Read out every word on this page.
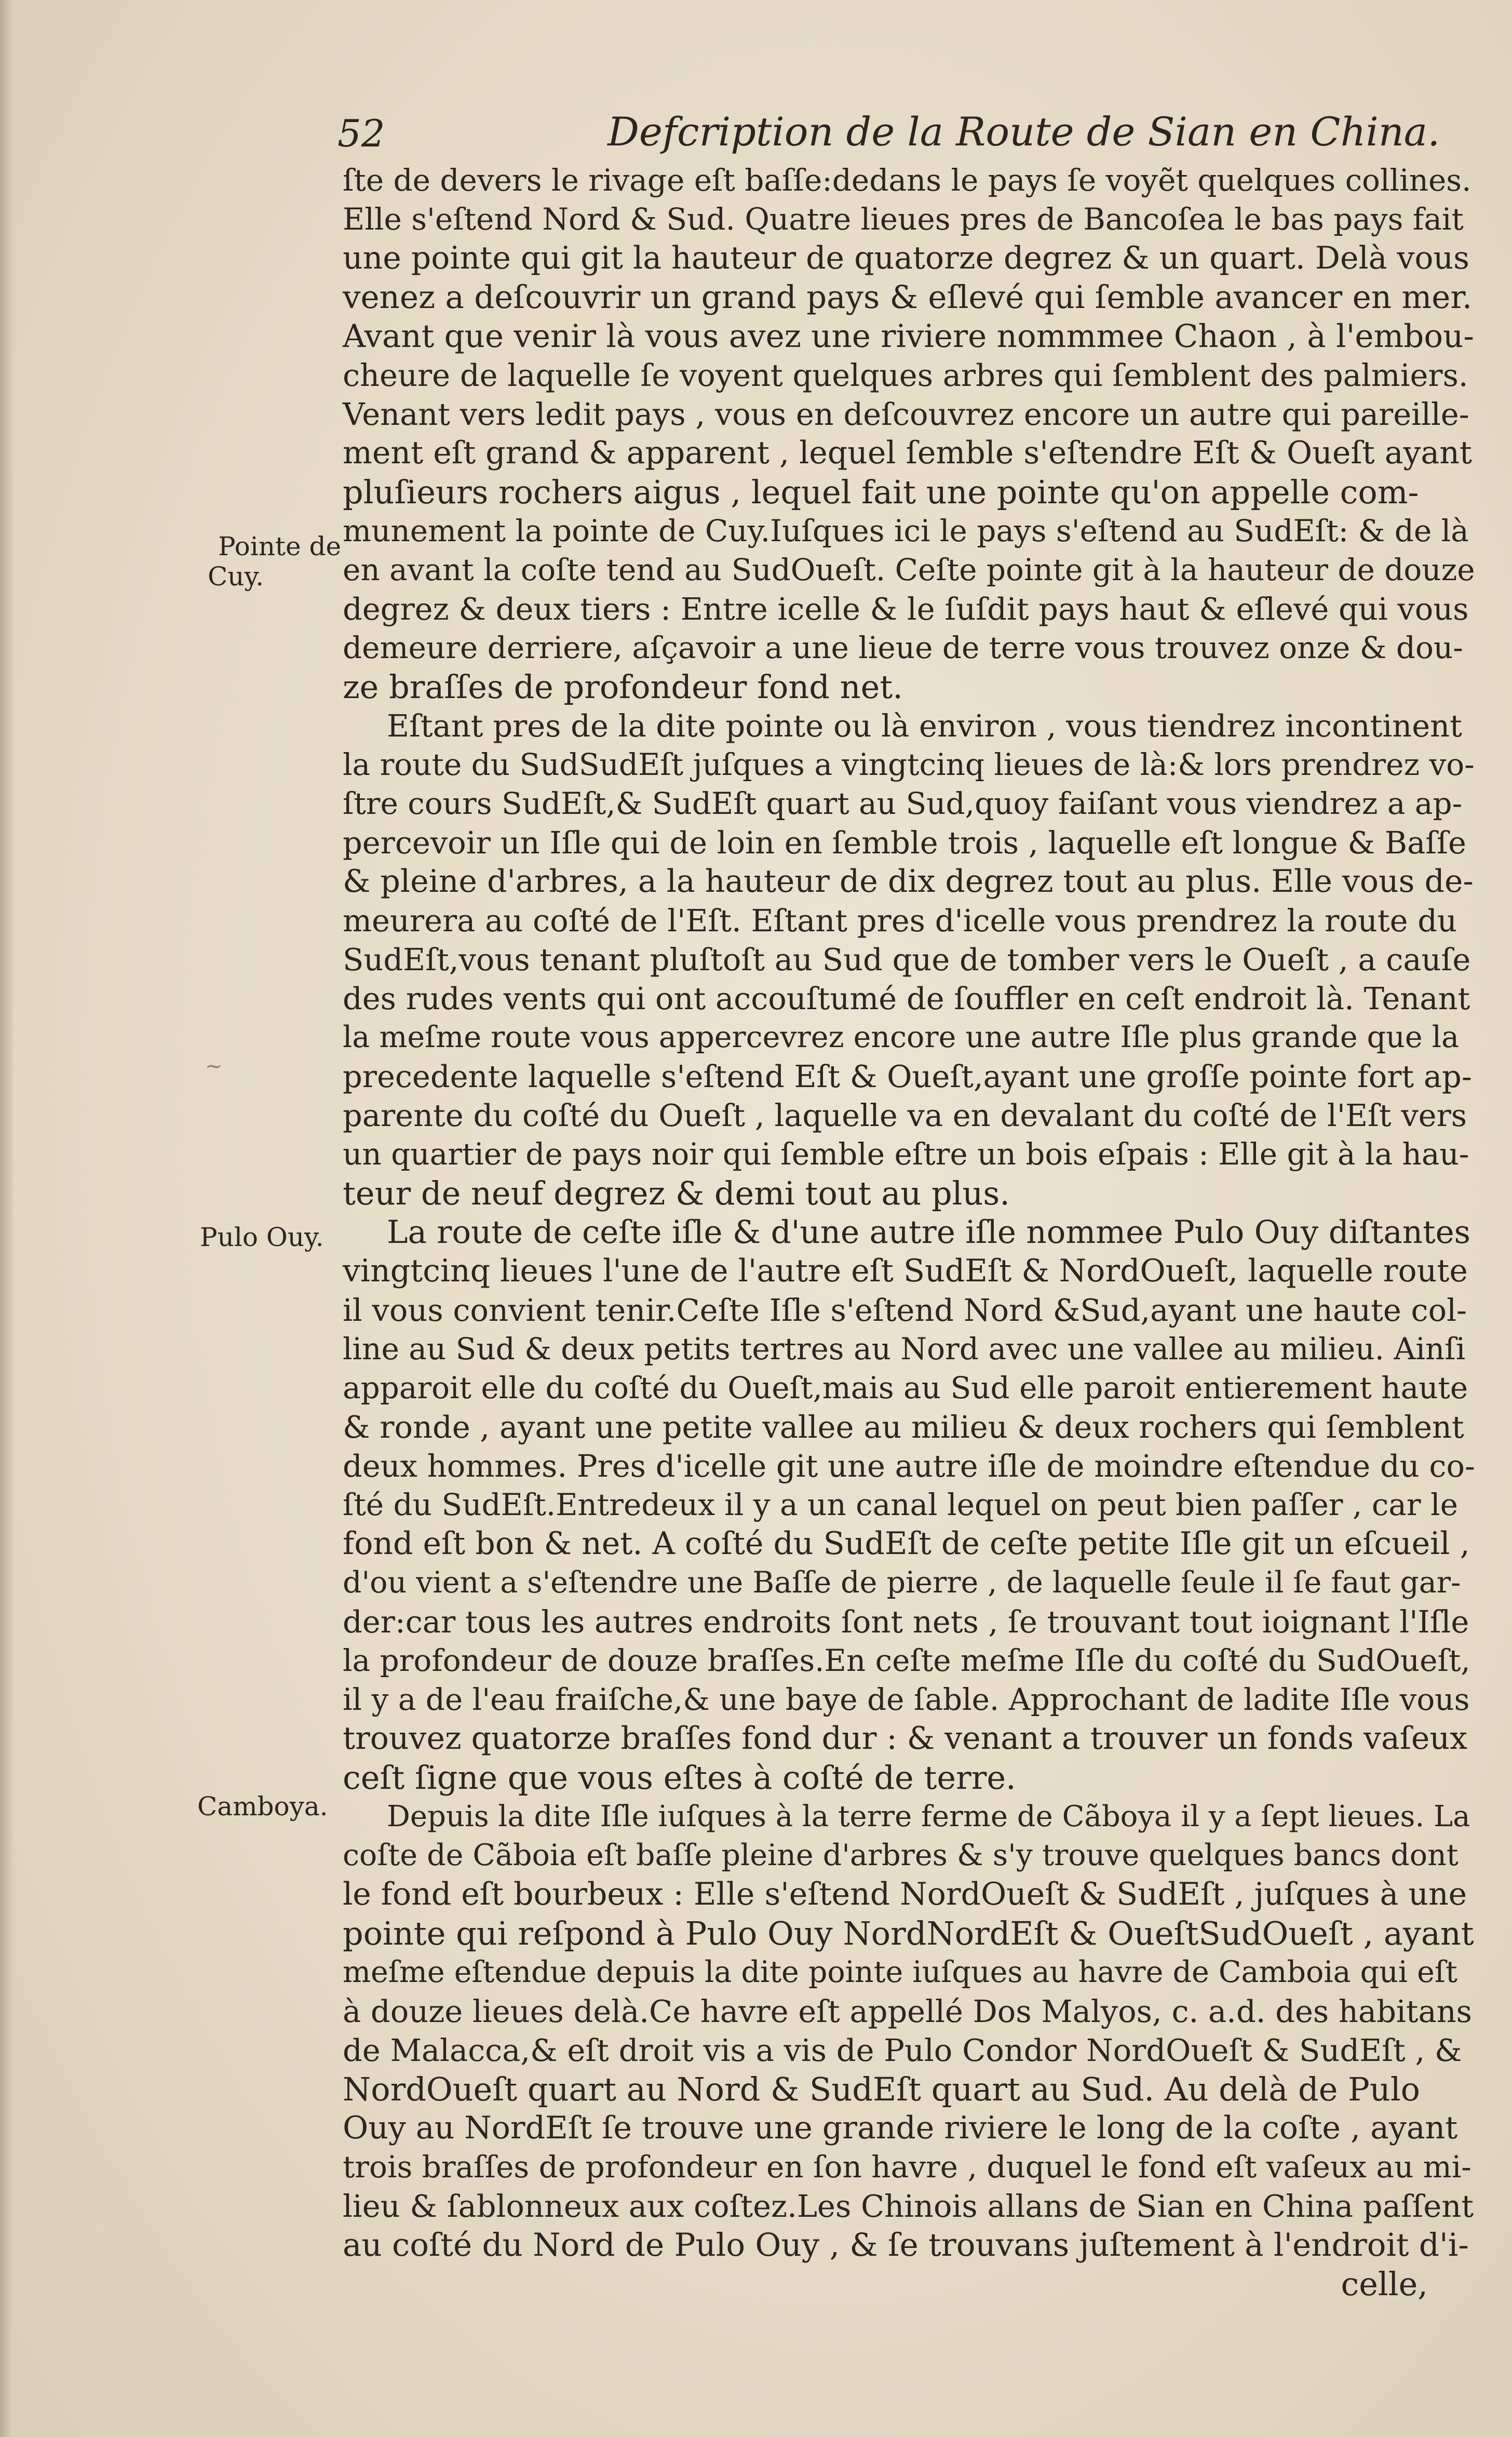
52	Defcription de la Route de Sian en China.
Pointe de
Cuy.
Pulo Ouy.
Camboya.
~
ſte de devers le rivage eſt baſſe:dedans le pays ſe voyẽt quelques collines.
Elle s'eſtend Nord & Sud. Quatre lieues pres de Bancoſea le bas pays fait
une pointe qui git la hauteur de quatorze degrez & un quart. Delà vous
venez a deſcouvrir un grand pays & eſlevé qui ſemble avancer en mer.
Avant que venir là vous avez une riviere nommmee Chaon , à l'embou-
cheure de laquelle ſe voyent quelques arbres qui ſemblent des palmiers.
Venant vers ledit pays , vous en deſcouvrez encore un autre qui pareille-
ment eſt grand & apparent , lequel ſemble s'eſtendre Eſt & Oueſt ayant
pluſieurs rochers aigus , lequel fait une pointe qu'on appelle com-
munement la pointe de Cuy.Iuſques ici le pays s'eſtend au SudEſt: & de là
en avant la coſte tend au SudOueſt. Ceſte pointe git à la hauteur de douze
degrez & deux tiers : Entre icelle & le ſuſdit pays haut & eſlevé qui vous
demeure derriere, aſçavoir a une lieue de terre vous trouvez onze & dou-
ze braſſes de profondeur fond net.
Eſtant pres de la dite pointe ou là environ , vous tiendrez incontinent
la route du SudSudEſt juſques a vingtcinq lieues de là:& lors prendrez vo-
ſtre cours SudEſt,& SudEſt quart au Sud,quoy faiſant vous viendrez a ap-
percevoir un Iſle qui de loin en ſemble trois , laquelle eſt longue & Baſſe
& pleine d'arbres, a la hauteur de dix degrez tout au plus. Elle vous de-
meurera au coſté de l'Eſt. Eſtant pres d'icelle vous prendrez la route du
SudEſt,vous tenant pluſtoſt au Sud que de tomber vers le Oueſt , a cauſe
des rudes vents qui ont accouſtumé de ſouffler en ceſt endroit là. Tenant
la meſme route vous appercevrez encore une autre Iſle plus grande que la
precedente laquelle s'eſtend Eſt & Oueſt,ayant une groſſe pointe fort ap-
parente du coſté du Oueſt , laquelle va en devalant du coſté de l'Eſt vers
un quartier de pays noir qui ſemble eſtre un bois eſpais : Elle git à la hau-
teur de neuf degrez & demi tout au plus.
La route de ceſte iſle & d'une autre iſle nommee Pulo Ouy diſtantes
vingtcinq lieues l'une de l'autre eſt SudEſt & NordOueſt, laquelle route
il vous convient tenir.Ceſte Iſle s'eſtend Nord &Sud,ayant une haute col-
line au Sud & deux petits tertres au Nord avec une vallee au milieu. Ainſi
apparoit elle du coſté du Oueſt,mais au Sud elle paroit entierement haute
& ronde , ayant une petite vallee au milieu & deux rochers qui ſemblent
deux hommes. Pres d'icelle git une autre iſle de moindre eſtendue du co-
ſté du SudEſt.Entredeux il y a un canal lequel on peut bien paſſer , car le
fond eſt bon & net. A coſté du SudEſt de ceſte petite Iſle git un eſcueil ,
d'ou vient a s'eſtendre une Baſſe de pierre , de laquelle ſeule il ſe faut gar-
der:car tous les autres endroits ſont nets , ſe trouvant tout ioignant l'Iſle
la profondeur de douze braſſes.En ceſte meſme Iſle du coſté du SudOueſt,
il y a de l'eau fraiſche,& une baye de ſable. Approchant de ladite Iſle vous
trouvez quatorze braſſes fond dur : & venant a trouver un fonds vaſeux
ceſt ſigne que vous eſtes à coſté de terre.
Depuis la dite Iſle iuſques à la terre ferme de Cãboya il y a ſept lieues. La
coſte de Cãboia eſt baſſe pleine d'arbres & s'y trouve quelques bancs dont
le fond eſt bourbeux : Elle s'eſtend NordOueſt & SudEſt , juſques à une
pointe qui reſpond à Pulo Ouy NordNordEſt & OueſtSudOueſt , ayant
meſme eſtendue depuis la dite pointe iuſques au havre de Camboia qui eſt
à douze lieues delà.Ce havre eſt appellé Dos Malyos, c. a.d. des habitans
de Malacca,& eſt droit vis a vis de Pulo Condor NordOueſt & SudEſt , &
NordOueſt quart au Nord & SudEſt quart au Sud. Au delà de Pulo
Ouy au NordEſt ſe trouve une grande riviere le long de la coſte , ayant
trois braſſes de profondeur en ſon havre , duquel le fond eſt vaſeux au mi-
lieu & ſablonneux aux coſtez.Les Chinois allans de Sian en China paſſent
au coſté du Nord de Pulo Ouy , & ſe trouvans juſtement à l'endroit d'i-
celle,
